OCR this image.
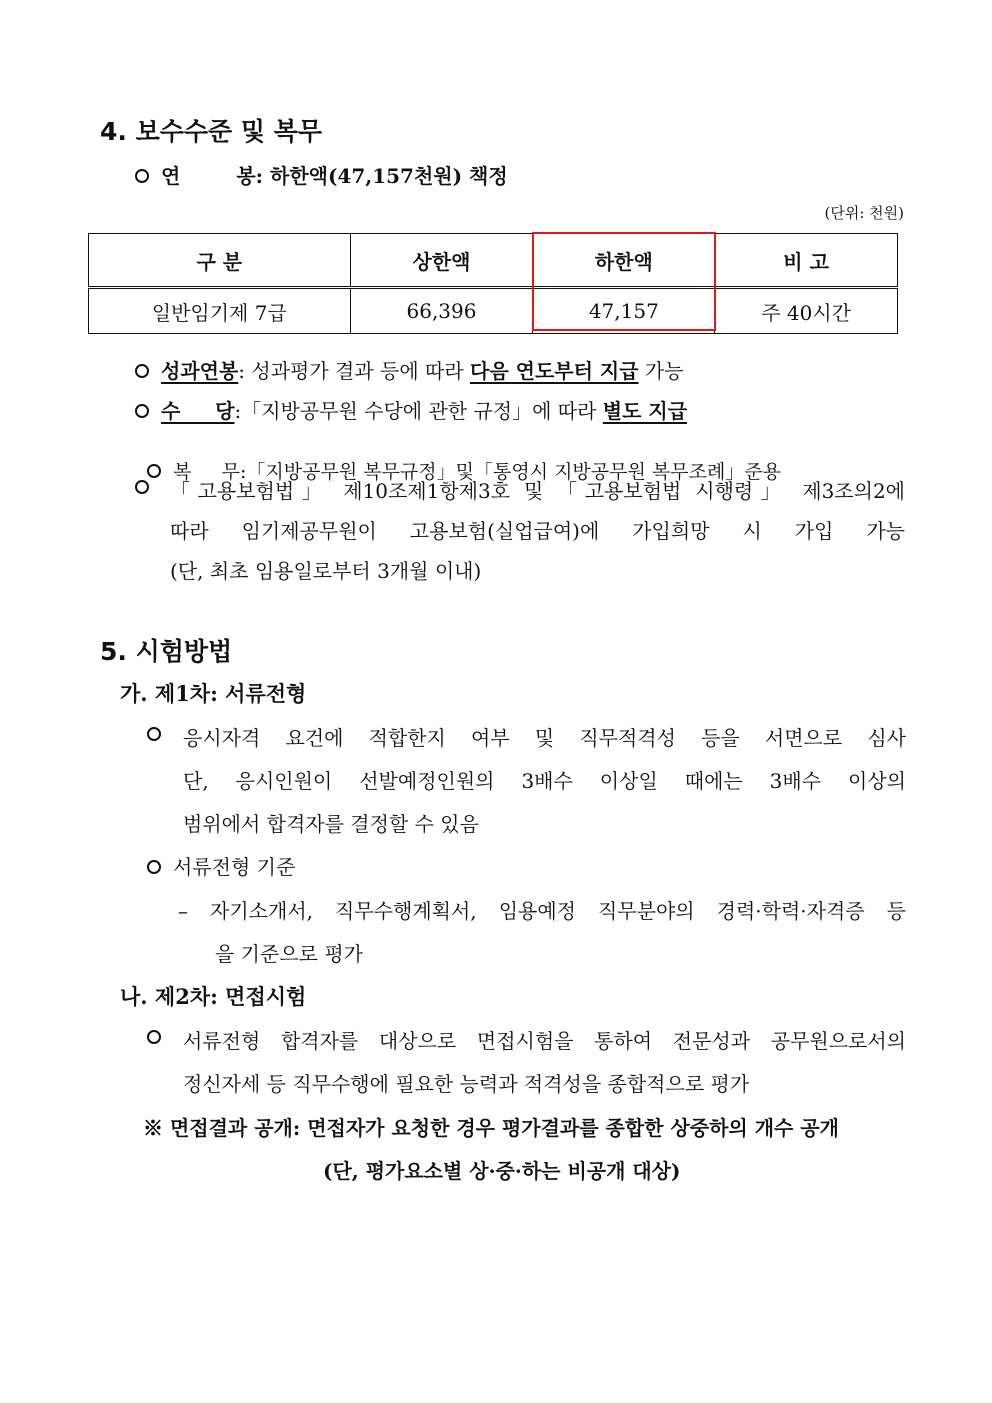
4. 보수수준 및 복무
연	봉: 하한액(47,157천원) 책정
(단위: 천원)
구 분	상한액	하한액	비 고
일반임기제 7급	66,396	47,157	주 40시간
성과연봉: 성과평가 결과 등에 따라 다음 연도부터 지급 가능
수     당:「지방공무원 수당에 관한 규정」에 따라 별도 지급

복     무:「지방공무원 복무규정」및「통영시 지방공무원 복무조례」준용

「고용보험법」 제10조제1항제3호 및 「고용보험법 시행령」 제3조의2에
따라 임기제공무원이 고용보험(실업급여)에 가입희망 시 가입 가능
(단, 최초 임용일로부터 3개월 이내)
5. 시험방법
가. 제1차: 서류전형
응시자격 요건에 적합한지 여부 및 직무적격성 등을 서면으로 심사
단, 응시인원이 선발예정인원의 3배수 이상일 때에는 3배수 이상의
범위에서 합격자를 결정할 수 있음
서류전형 기준
– 자기소개서, 직무수행계획서, 임용예정 직무분야의 경력·학력·자격증 등
을 기준으로 평가
나. 제2차: 면접시험
서류전형 합격자를 대상으로 면접시험을 통하여 전문성과 공무원으로서의
정신자세 등 직무수행에 필요한 능력과 적격성을 종합적으로 평가
※ 면접결과 공개: 면접자가 요청한 경우 평가결과를 종합한 상중하의 개수 공개
(단, 평가요소별 상·중·하는 비공개 대상)
